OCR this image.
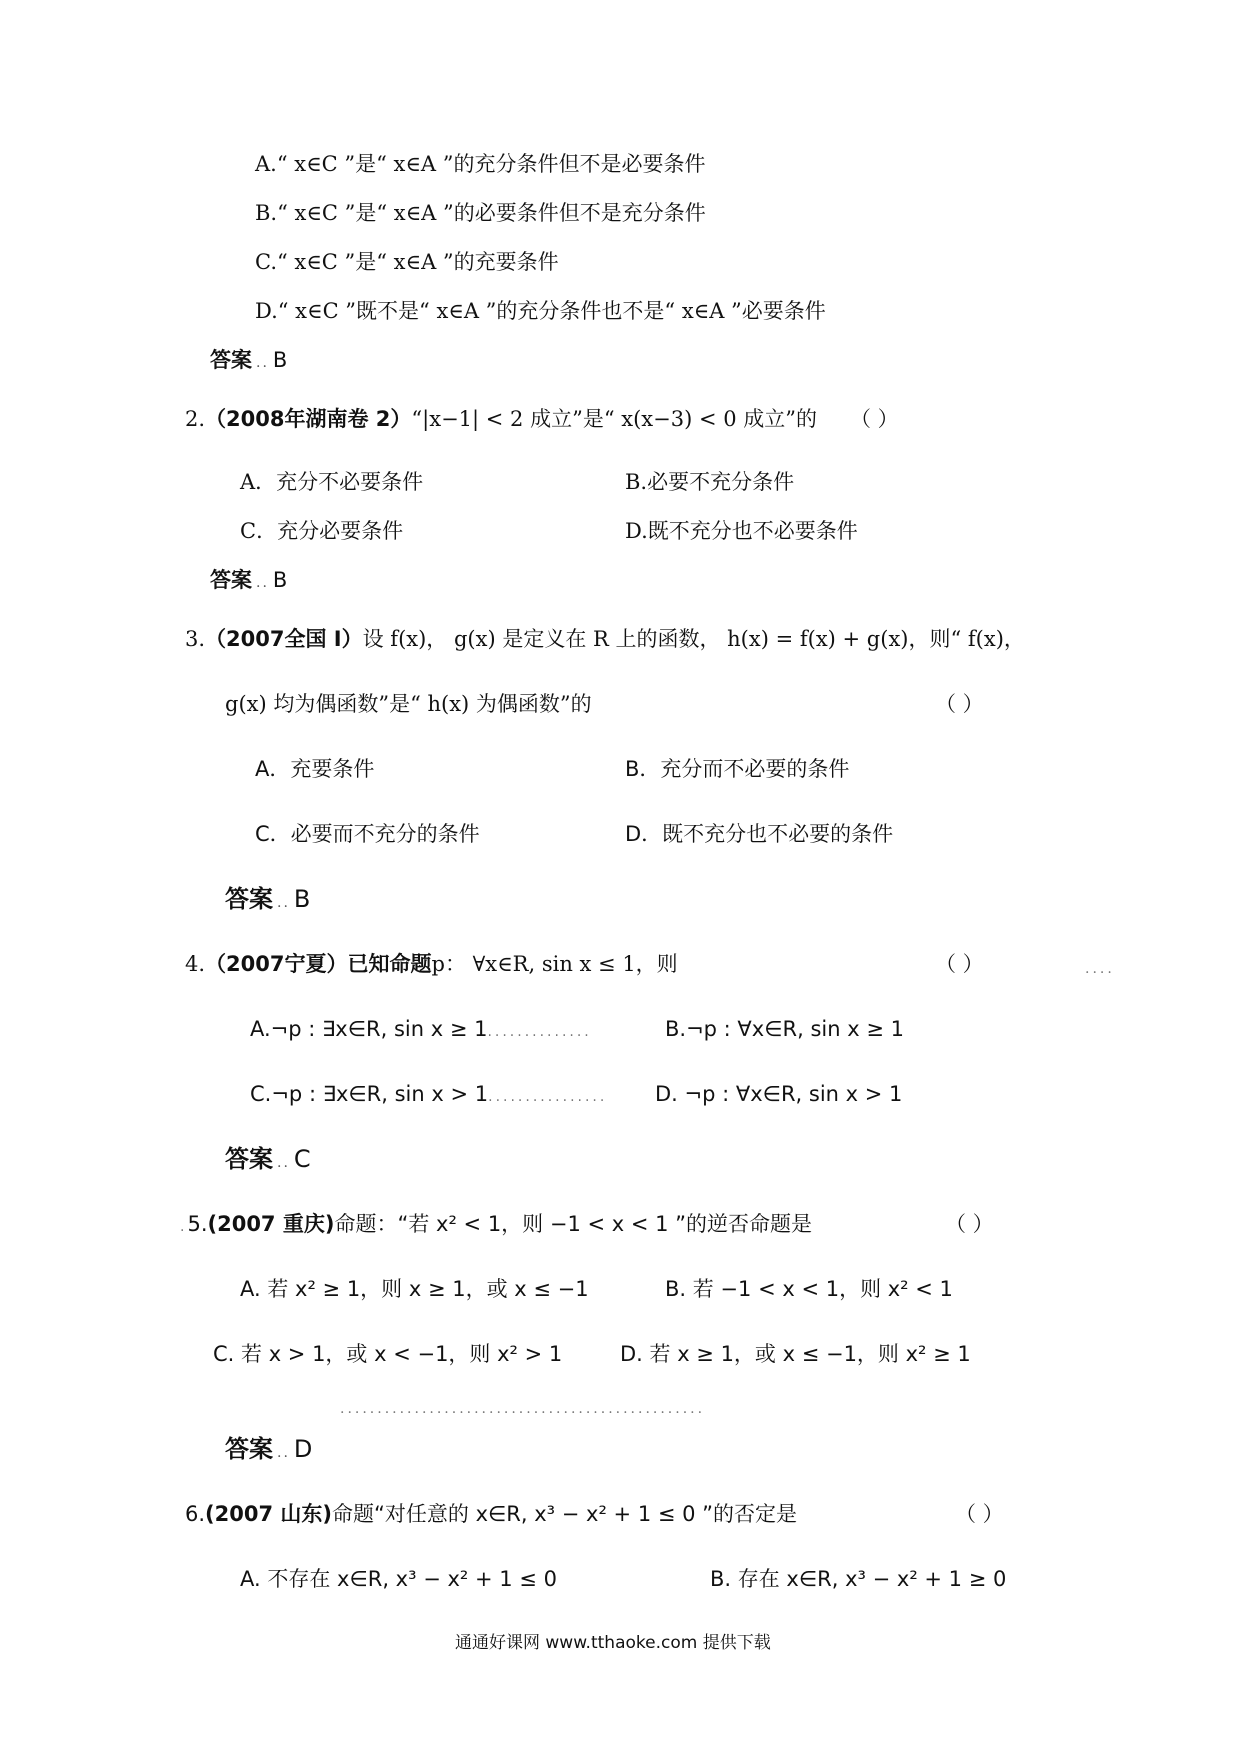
A.“ x∈C ”是“ x∈A ”的充分条件但不是必要条件
B.“ x∈C ”是“ x∈A ”的必要条件但不是充分条件
C.“ x∈C ”是“ x∈A ”的充要条件
D.“ x∈C ”既不是“ x∈A ”的充分条件也不是“ x∈A ”必要条件
答案 .. B
2.（2008年湖南卷 2）“|x−1| < 2 成立”是“ x(x−3) < 0 成立”的 （ ）
A．充分不必要条件	B.必要不充分条件
C．充分必要条件	D.既不充分也不必要条件
答案 .. B
3.（2007全国 I）设 f(x)， g(x) 是定义在 R 上的函数， h(x) = f(x) + g(x)，则“ f(x)，
g(x) 均为偶函数”是“ h(x) 为偶函数”的	（ ）
A．充要条件	B．充分而不必要的条件
C．必要而不充分的条件	D．既不充分也不必要的条件
答案 .. B
4.（2007宁夏）已知命题p： ∀x∈R, sin x ≤ 1，则	（ ）	....
A.¬p : ∃x∈R, sin x ≥ 1..............	B.¬p : ∀x∈R, sin x ≥ 1
C.¬p : ∃x∈R, sin x > 1................ D. ¬p : ∀x∈R, sin x > 1
答案 .. C
.5.(2007 重庆)命题：“若 x² < 1，则 −1 < x < 1 ”的逆否命题是	（ ）
A. 若 x² ≥ 1，则 x ≥ 1，或 x ≤ −1	B. 若 −1 < x < 1，则 x² < 1
C. 若 x > 1，或 x < −1，则 x² > 1	D. 若 x ≥ 1，或 x ≤ −1，则 x² ≥ 1
.................................................
答案 .. D
6.(2007 山东)命题“对任意的 x∈R, x³ − x² + 1 ≤ 0 ”的否定是	（ ）
A. 不存在 x∈R, x³ − x² + 1 ≤ 0	B. 存在 x∈R, x³ − x² + 1 ≥ 0
通通好课网 www.tthaoke.com 提供下载
